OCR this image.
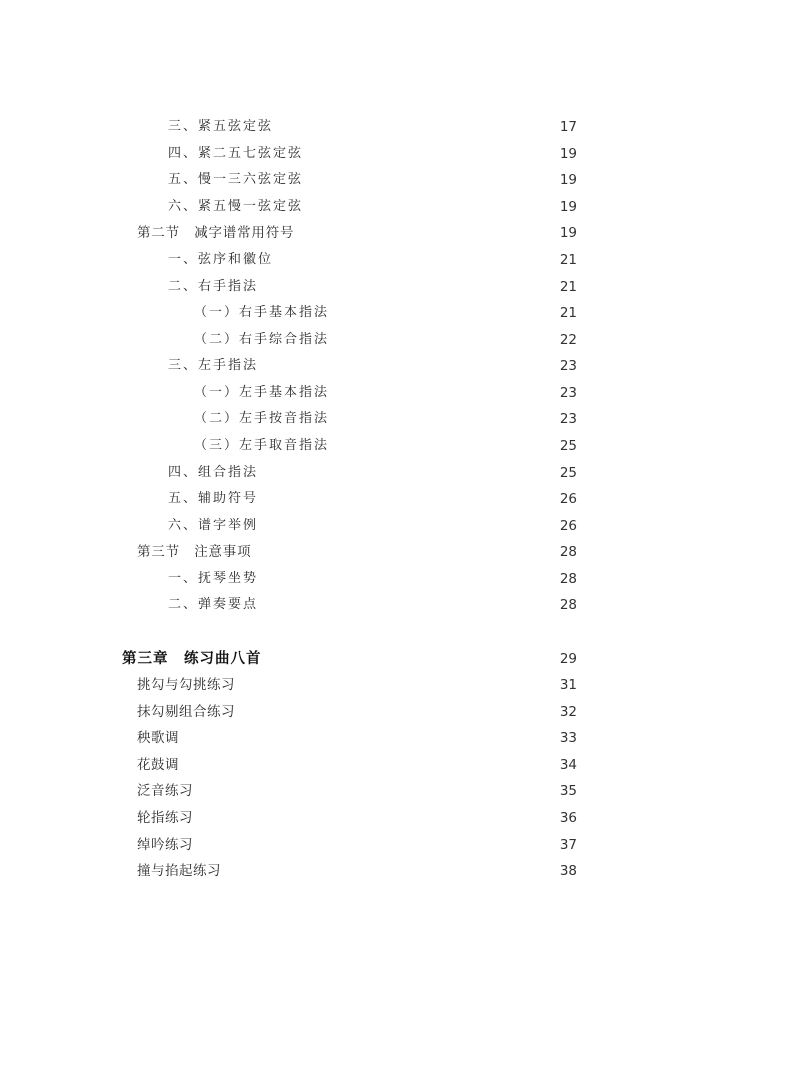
三、紧五弦定弦	17
四、紧二五七弦定弦	19
五、慢一三六弦定弦	19
六、紧五慢一弦定弦	19
第二节　减字谱常用符号	19
一、弦序和徽位	21
二、右手指法	21
（一）右手基本指法	21
（二）右手综合指法	22
三、左手指法	23
（一）左手基本指法	23
（二）左手按音指法	23
（三）左手取音指法	25
四、组合指法	25
五、辅助符号	26
六、谱字举例	26
第三节　注意事项	28
一、抚琴坐势	28
二、弹奏要点	28
第三章　练习曲八首	29
挑勾与勾挑练习	31
抹勾剔组合练习	32
秧歌调	33
花鼓调	34
泛音练习	35
轮指练习	36
绰吟练习	37
撞与掐起练习	38
